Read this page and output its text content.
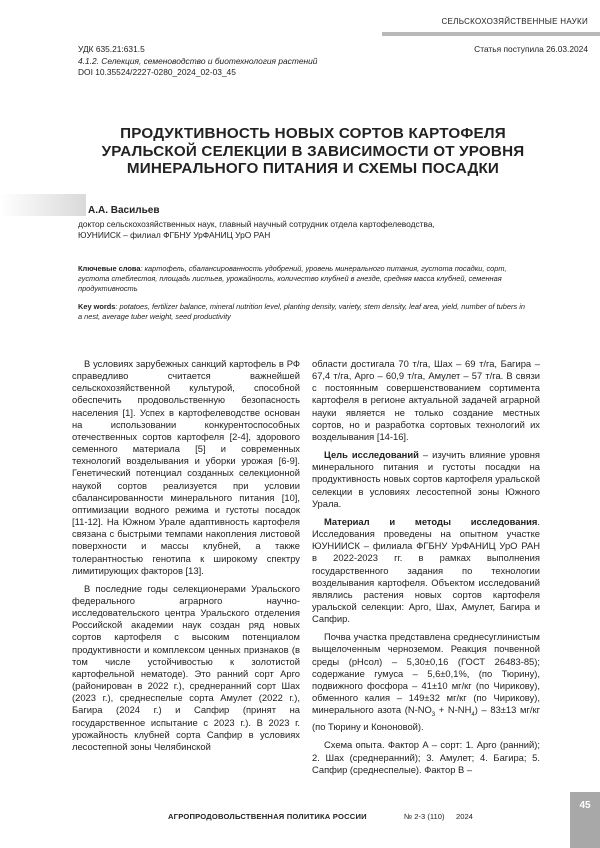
СЕЛЬСКОХОЗЯЙСТВЕННЫЕ НАУКИ
УДК 635.21:631.5
4.1.2. Селекция, семеноводство и биотехнология растений
DOI 10.35524/2227-0280_2024_02-03_45
Статья поступила 26.03.2024
ПРОДУКТИВНОСТЬ НОВЫХ СОРТОВ КАРТОФЕЛЯ УРАЛЬСКОЙ СЕЛЕКЦИИ В ЗАВИСИМОСТИ ОТ УРОВНЯ МИНЕРАЛЬНОГО ПИТАНИЯ И СХЕМЫ ПОСАДКИ
А.А. Васильев
доктор сельскохозяйственных наук, главный научный сотрудник отдела картофелеводства,
ЮУНИИСК – филиал ФГБНУ УрФАНИЦ УрО РАН
Ключевые слова: картофель, сбалансированность удобрений, уровень минерального питания, густота посадки, сорт, густота стеблестоя, площадь листьев, урожайность, количество клубней в гнезде, средняя масса клубней, семенная продуктивность
Key words: potatoes, fertilizer balance, mineral nutrition level, planting density, variety, stem density, leaf area, yield, number of tubers in a nest, average tuber weight, seed productivity

В условиях зарубежных санкций картофель в РФ справедливо считается важнейшей сельскохозяйственной культурой, способной обеспечить продовольственную безопасность населения [1]. Успех в картофелеводстве основан на использовании конкурентоспособных отечественных сортов картофеля [2-4], здорового семенного материала [5] и современных технологий возделывания и уборки урожая [6-9]. Генетический потенциал созданных селекционной наукой сортов реализуется при условии сбалансированности минерального питания [10], оптимизации водного режима и густоты посадок [11-12]. На Южном Урале адаптивность картофеля связана с быстрыми темпами накопления листовой поверхности и массы клубней, а также толерантностью генотипа к широкому спектру лимитирующих факторов [13].

В последние годы селекционерами Уральского федерального аграрного научно-исследовательского центра Уральского отделения Российской академии наук создан ряд новых сортов картофеля с высоким потенциалом продуктивности и комплексом ценных признаков (в том числе устойчивостью к золотистой картофельной нематоде). Это ранний сорт Арго (районирован в 2022 г.), среднеранний сорт Шах (2023 г.), среднеспелые сорта Амулет (2022 г.), Багира (2024 г.) и Сапфир (принят на государственное испытание с 2023 г.). В 2023 г. урожайность клубней сорта Сапфир в условиях лесостепной зоны Челябинской

области достигала 70 т/га, Шах – 69 т/га, Багира – 67,4 т/га, Арго – 60,9 т/га, Амулет – 57 т/га. В связи с постоянным совершенствованием сортимента картофеля в регионе актуальной задачей аграрной науки является не только создание местных сортов, но и разработка сортовых технологий их возделывания [14-16].

Цель исследований – изучить влияние уровня минерального питания и густоты посадки на продуктивность новых сортов картофеля уральской селекции в условиях лесостепной зоны Южного Урала.

Материал и методы исследования. Исследования проведены на опытном участке ЮУНИИСК – филиала ФГБНУ УрФАНИЦ УрО РАН в 2022-2023 гг. в рамках выполнения государственного задания по технологии возделывания картофеля. Объектом исследований являлись растения новых сортов картофеля уральской селекции: Арго, Шах, Амулет, Багира и Сапфир.

Почва участка представлена среднесуглинистым выщелоченным черноземом. Реакция почвенной среды (pHсол) – 5,30±0,16 (ГОСТ 26483-85); содержание гумуса – 5,6±0,1%, (по Тюрину), подвижного фосфора – 41±10 мг/кг (по Чирикову), обменного калия – 149±32 мг/кг (по Чирикову), минерального азота $(N-NO_3 + N-NH_4) - 83\pm 13$ мг/кг (по Тюрину и Кононовой).

Схема опыта. Фактор А – сорт: 1. Арго (ранний); 2. Шах (среднеранний); 3. Амулет; 4. Багира; 5. Сапфир (среднеспелые). Фактор В –

АГРОПРОДОВОЛЬСТВЕННАЯ ПОЛИТИКА РОССИИ	№ 2-3 (110) 2024
45
